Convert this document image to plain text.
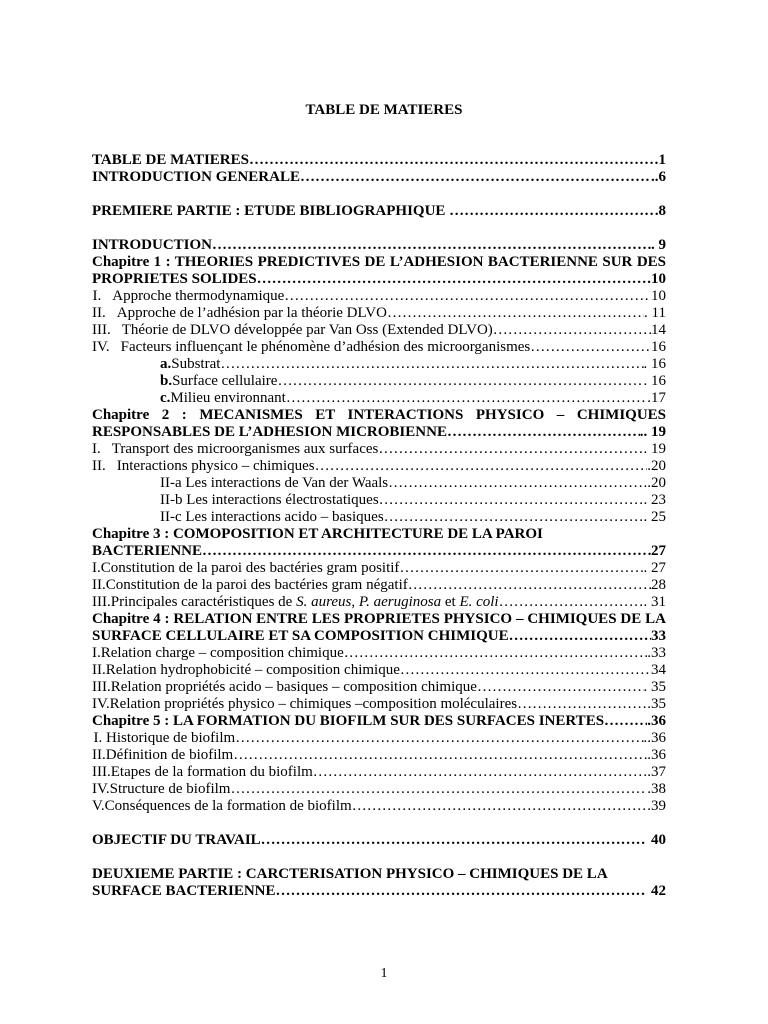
TABLE DE MATIERES
TABLE DE MATIERES ………………………………………………………………………………………………………………………………………………………………………………………………………………………………………………	1
INTRODUCTION GENERALE ………………………………………………………………………………………………………………………………………………………………………………………………………………………………………………	..6
PREMIERE PARTIE : ETUDE BIBLIOGRAPHIQUE ………………………………………………………………………………………………………………………………………………………………………………………………………………………………………………	8
INTRODUCTION ………………………………………………………………………………………………………………………………………………………………………………………………………………………………………………	. 9
Chapitre 1 : THEORIES PREDICTIVES DE L’ADHESION BACTERIENNE SUR DES
PROPRIETES SOLIDES ………………………………………………………………………………………………………………………………………………………………………………………………………………………………………………	10
I. Approche thermodynamique ………………………………………………………………………………………………………………………………………………………………………………………………………………………………………………	10
II. Approche de l’adhésion par la théorie DLVO ………………………………………………………………………………………………………………………………………………………………………………………………………………………………………………	. 11
III. Théorie de DLVO développée par Van Oss (Extended DLVO) ………………………………………………………………………………………………………………………………………………………………………………………………………………………………………………	14
IV. Facteurs influençant le phénomène d’adhésion des microorganismes ………………………………………………………………………………………………………………………………………………………………………………………………………………………………………………	16
a. Substrat ………………………………………………………………………………………………………………………………………………………………………………………………………………………………………………	. 16
b. Surface cellulaire ………………………………………………………………………………………………………………………………………………………………………………………………………………………………………………	. 16
c. Milieu environnant ………………………………………………………………………………………………………………………………………………………………………………………………………………………………………………	.17
Chapitre 2 : MECANISMES ET INTERACTIONS PHYSICO – CHIMIQUES
RESPONSABLES DE L’ADHESION MICROBIENNE ………………………………………………………………………………………………………………………………………………………………………………………………………………………………………………	.. 19
I. Transport des microorganismes aux surfaces ………………………………………………………………………………………………………………………………………………………………………………………………………………………………………………	. 19
II. Interactions physico – chimiques ………………………………………………………………………………………………………………………………………………………………………………………………………………………………………………	.20
II-a Les interactions de Van der Waals ………………………………………………………………………………………………………………………………………………………………………………………………………………………………………………	..20
II-b Les interactions électrostatiques ………………………………………………………………………………………………………………………………………………………………………………………………………………………………………………	. 23
II-c Les interactions acido – basiques ………………………………………………………………………………………………………………………………………………………………………………………………………………………………………………	. 25
Chapitre 3 : COMOPOSITION ET ARCHITECTURE DE LA PAROI
BACTERIENNE ………………………………………………………………………………………………………………………………………………………………………………………………………………………………………………	27
I. Constitution de la paroi des bactéries gram positif ………………………………………………………………………………………………………………………………………………………………………………………………………………………………………………	. 27
II. Constitution de la paroi des bactéries gram négatif ………………………………………………………………………………………………………………………………………………………………………………………………………………………………………………	28
III. Principales caractéristiques de S. aureus, P. aeruginosa et E. coli ………………………………………………………………………………………………………………………………………………………………………………………………………………………………………………	. 31
Chapitre 4 : RELATION ENTRE LES PROPRIETES PHYSICO – CHIMIQUES DE LA
SURFACE CELLULAIRE ET SA COMPOSITION CHIMIQUE ………………………………………………………………………………………………………………………………………………………………………………………………………………………………………………	33
I. Relation charge – composition chimique ………………………………………………………………………………………………………………………………………………………………………………………………………………………………………………	.33
II. Relation hydrophobicité – composition chimique ………………………………………………………………………………………………………………………………………………………………………………………………………………………………………………	34
III. Relation propriétés acido – basiques – composition chimique ………………………………………………………………………………………………………………………………………………………………………………………………………………………………………………	. 35
IV. Relation propriétés physico – chimiques –composition moléculaires ………………………………………………………………………………………………………………………………………………………………………………………………………………………………………………	.35
Chapitre 5 : LA FORMATION DU BIOFILM SUR DES SURFACES INERTES ………………………………………………………………………………………………………………………………………………………………………………………………………………………………………………	.36
I. Historique de biofilm ………………………………………………………………………………………………………………………………………………………………………………………………………………………………………………	..36
II. Définition de biofilm ………………………………………………………………………………………………………………………………………………………………………………………………………………………………………………	.36
III. Etapes de la formation du biofilm ………………………………………………………………………………………………………………………………………………………………………………………………………………………………………………	.37
IV. Structure de biofilm ………………………………………………………………………………………………………………………………………………………………………………………………………………………………………………	.38
V. Conséquences de la formation de biofilm ………………………………………………………………………………………………………………………………………………………………………………………………………………………………………………	.39
OBJECTIF DU TRAVAIL ………………………………………………………………………………………………………………………………………………………………………………………………………………………………………………	40
DEUXIEME PARTIE : CARCTERISATION PHYSICO – CHIMIQUES DE LA
SURFACE BACTERIENNE ………………………………………………………………………………………………………………………………………………………………………………………………………………………………………………	42
1
